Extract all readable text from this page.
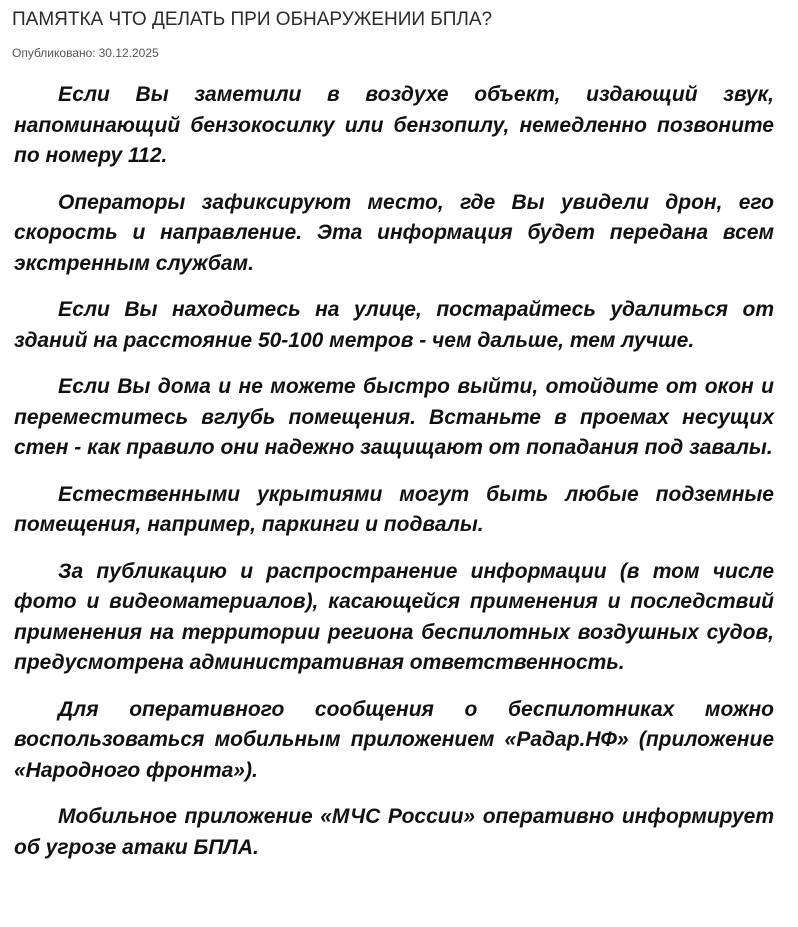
ПАМЯТКА ЧТО ДЕЛАТЬ ПРИ ОБНАРУЖЕНИИ БПЛА?
Опубликовано: 30.12.2025

Если Вы заметили в воздухе объект, издающий звук, напоминающий бензокосилку или бензопилу, немедленно позвоните по номеру 112.

Операторы зафиксируют место, где Вы увидели дрон, его скорость и направление. Эта информация будет передана всем экстренным службам.

Если Вы находитесь на улице, постарайтесь удалиться от зданий на расстояние 50-100 метров - чем дальше, тем лучше.

Если Вы дома и не можете быстро выйти, отойдите от окон и переместитесь вглубь помещения. Встаньте в проемах несущих стен - как правило они надежно защищают от попадания под завалы.

Естественными укрытиями могут быть любые подземные помещения, например, паркинги и подвалы.

За публикацию и распространение информации (в том числе фото и видеоматериалов), касающейся применения и последствий применения на территории региона беспилотных воздушных судов, предусмотрена административная ответственность.

Для оперативного сообщения о беспилотниках можно воспользоваться мобильным приложением «Радар.НФ» (приложение «Народного фронта»).

Мобильное приложение «МЧС России» оперативно информирует об угрозе атаки БПЛА.
